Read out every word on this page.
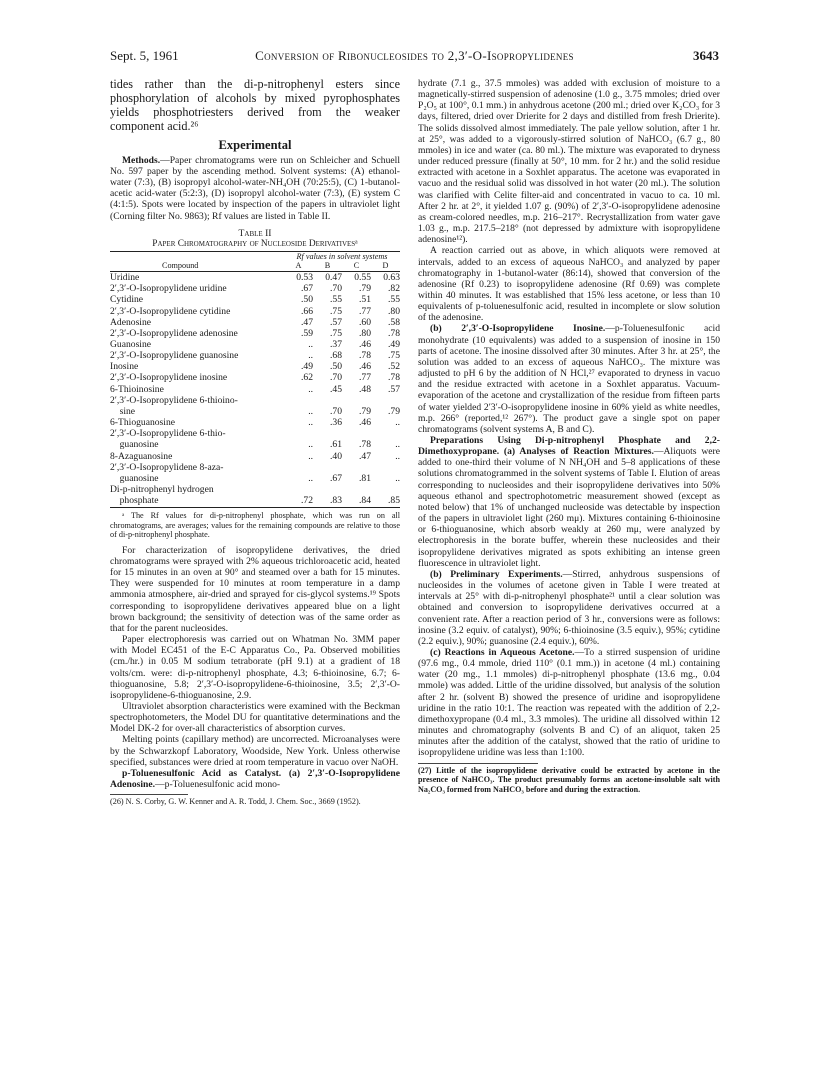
Sept. 5, 1961	Conversion of Ribonucleosides to 2,3′-O-Isopropylidenes	3643

tides rather than the di-p-nitrophenyl esters since phosphorylation of alcohols by mixed pyrophosphates yields phosphotriesters derived from the weaker component acid.²⁶

Experimental

Methods.—Paper chromatograms were run on Schleicher and Schuell No. 597 paper by the ascending method. Solvent systems: (A) ethanol-water (7:3), (B) isopropyl alcohol-water-NH₄OH (70:25:5), (C) 1-butanol-acetic acid-water (5:2:3), (D) isopropyl alcohol-water (7:3), (E) system C (4:1:5). Spots were located by inspection of the papers in ultraviolet light (Corning filter No. 9863); Rf values are listed in Table II.

Table II
Paper Chromatography of Nucleoside Derivativesᵃ
	Rf values in solvent systems			
Compound	A	B	C	D
Uridine	0.53	0.47	0.55	0.63
2′,3′-O-Isopropylidene uridine	.67	.70	.79	.82
Cytidine	.50	.55	.51	.55
2′,3′-O-Isopropylidene cytidine	.66	.75	.77	.80
Adenosine	.47	.57	.60	.58
2′,3′-O-Isopropylidene adenosine	.59	.75	.80	.78
Guanosine	..	.37	.46	.49
2′,3′-O-Isopropylidene guanosine	..	.68	.78	.75
Inosine	.49	.50	.46	.52
2′,3′-O-Isopropylidene inosine	.62	.70	.77	.78
6-Thioinosine	..	.45	.48	.57
2′,3′-O-Isopropylidene 6-thioino-				
sine	..	.70	.79	.79
6-Thioguanosine	..	.36	.46	..
2′,3′-O-Isopropylidene 6-thio-				
guanosine	..	.61	.78	..
8-Azaguanosine	..	.40	.47	..
2′,3′-O-Isopropylidene 8-aza-				
guanosine	..	.67	.81	..
Di-p-nitrophenyl hydrogen				
phosphate	.72	.83	.84	.85

ᵃ The Rf values for di-p-nitrophenyl phosphate, which was run on all chromatograms, are averages; values for the remaining compounds are relative to those of di-p-nitrophenyl phosphate.

For characterization of isopropylidene derivatives, the dried chromatograms were sprayed with 2% aqueous trichloroacetic acid, heated for 15 minutes in an oven at 90° and steamed over a bath for 15 minutes. They were suspended for 10 minutes at room temperature in a damp ammonia atmosphere, air-dried and sprayed for cis-glycol systems.¹⁹ Spots corresponding to isopropylidene derivatives appeared blue on a light brown background; the sensitivity of detection was of the same order as that for the parent nucleosides.

Paper electrophoresis was carried out on Whatman No. 3MM paper with Model EC451 of the E-C Apparatus Co., Pa. Observed mobilities (cm./hr.) in 0.05 M sodium tetraborate (pH 9.1) at a gradient of 18 volts/cm. were: di-p-nitrophenyl phosphate, 4.3; 6-thioinosine, 6.7; 6-thioguanosine, 5.8; 2′,3′-O-isopropylidene-6-thioinosine, 3.5; 2′,3′-O-isopropylidene-6-thioguanosine, 2.9.

Ultraviolet absorption characteristics were examined with the Beckman spectrophotometers, the Model DU for quantitative determinations and the Model DK-2 for over-all characteristics of absorption curves.

Melting points (capillary method) are uncorrected. Microanalyses were by the Schwarzkopf Laboratory, Woodside, New York. Unless otherwise specified, substances were dried at room temperature in vacuo over NaOH.

p-Toluenesulfonic Acid as Catalyst. (a) 2′,3′-O-Isopropylidene Adenosine.—p-Toluenesulfonic acid mono-

(26) N. S. Corby, G. W. Kenner and A. R. Todd, J. Chem. Soc., 3669 (1952).

hydrate (7.1 g., 37.5 mmoles) was added with exclusion of moisture to a magnetically-stirred suspension of adenosine (1.0 g., 3.75 mmoles; dried over P₂O₅ at 100°, 0.1 mm.) in anhydrous acetone (200 ml.; dried over K₂CO₃ for 3 days, filtered, dried over Drierite for 2 days and distilled from fresh Drierite). The solids dissolved almost immediately. The pale yellow solution, after 1 hr. at 25°, was added to a vigorously-stirred solution of NaHCO₃ (6.7 g., 80 mmoles) in ice and water (ca. 80 ml.). The mixture was evaporated to dryness under reduced pressure (finally at 50°, 10 mm. for 2 hr.) and the solid residue extracted with acetone in a Soxhlet apparatus. The acetone was evaporated in vacuo and the residual solid was dissolved in hot water (20 ml.). The solution was clarified with Celite filter-aid and concentrated in vacuo to ca. 10 ml. After 2 hr. at 2°, it yielded 1.07 g. (90%) of 2′,3′-O-isopropylidene adenosine as cream-colored needles, m.p. 216–217°. Recrystallization from water gave 1.03 g., m.p. 217.5–218° (not depressed by admixture with isopropylidene adenosine¹²).

A reaction carried out as above, in which aliquots were removed at intervals, added to an excess of aqueous NaHCO₃ and analyzed by paper chromatography in 1-butanol-water (86:14), showed that conversion of the adenosine (Rf 0.23) to isopropylidene adenosine (Rf 0.69) was complete within 40 minutes. It was established that 15% less acetone, or less than 10 equivalents of p-toluenesulfonic acid, resulted in incomplete or slow solution of the adenosine.

(b) 2′,3′-O-Isopropylidene Inosine.—p-Toluenesulfonic acid monohydrate (10 equivalents) was added to a suspension of inosine in 150 parts of acetone. The inosine dissolved after 30 minutes. After 3 hr. at 25°, the solution was added to an excess of aqueous NaHCO₃. The mixture was adjusted to pH 6 by the addition of N HCl,²⁷ evaporated to dryness in vacuo and the residue extracted with acetone in a Soxhlet apparatus. Vacuum-evaporation of the acetone and crystallization of the residue from fifteen parts of water yielded 2′3′-O-isopropylidene inosine in 60% yield as white needles, m.p. 266° (reported,¹² 267°). The product gave a single spot on paper chromatograms (solvent systems A, B and C).

Preparations Using Di-p-nitrophenyl Phosphate and 2,2-Dimethoxypropane. (a) Analyses of Reaction Mixtures.—Aliquots were added to one-third their volume of N NH₄OH and 5–8 applications of these solutions chromatogrammed in the solvent systems of Table I. Elution of areas corresponding to nucleosides and their isopropylidene derivatives into 50% aqueous ethanol and spectrophotometric measurement showed (except as noted below) that 1% of unchanged nucleoside was detectable by inspection of the papers in ultraviolet light (260 mμ). Mixtures containing 6-thioinosine or 6-thioguanosine, which absorb weakly at 260 mμ, were analyzed by electrophoresis in the borate buffer, wherein these nucleosides and their isopropylidene derivatives migrated as spots exhibiting an intense green fluorescence in ultraviolet light.

(b) Preliminary Experiments.—Stirred, anhydrous suspensions of nucleosides in the volumes of acetone given in Table I were treated at intervals at 25° with di-p-nitrophenyl phosphate²¹ until a clear solution was obtained and conversion to isopropylidene derivatives occurred at a convenient rate. After a reaction period of 3 hr., conversions were as follows: inosine (3.2 equiv. of catalyst), 90%; 6-thioinosine (3.5 equiv.), 95%; cytidine (2.2 equiv.), 90%; guanosine (2.4 equiv.), 60%.

(c) Reactions in Aqueous Acetone.—To a stirred suspension of uridine (97.6 mg., 0.4 mmole, dried 110° (0.1 mm.)) in acetone (4 ml.) containing water (20 mg., 1.1 mmoles) di-p-nitrophenyl phosphate (13.6 mg., 0.04 mmole) was added. Little of the uridine dissolved, but analysis of the solution after 2 hr. (solvent B) showed the presence of uridine and isopropylidene uridine in the ratio 10:1. The reaction was repeated with the addition of 2,2-dimethoxypropane (0.4 ml., 3.3 mmoles). The uridine all dissolved within 12 minutes and chromatography (solvents B and C) of an aliquot, taken 25 minutes after the addition of the catalyst, showed that the ratio of uridine to isopropylidene uridine was less than 1:100.

(27) Little of the isopropylidene derivative could be extracted by acetone in the presence of NaHCO₃. The product presumably forms an acetone-insoluble salt with Na₂CO₃ formed from NaHCO₃ before and during the extraction.
